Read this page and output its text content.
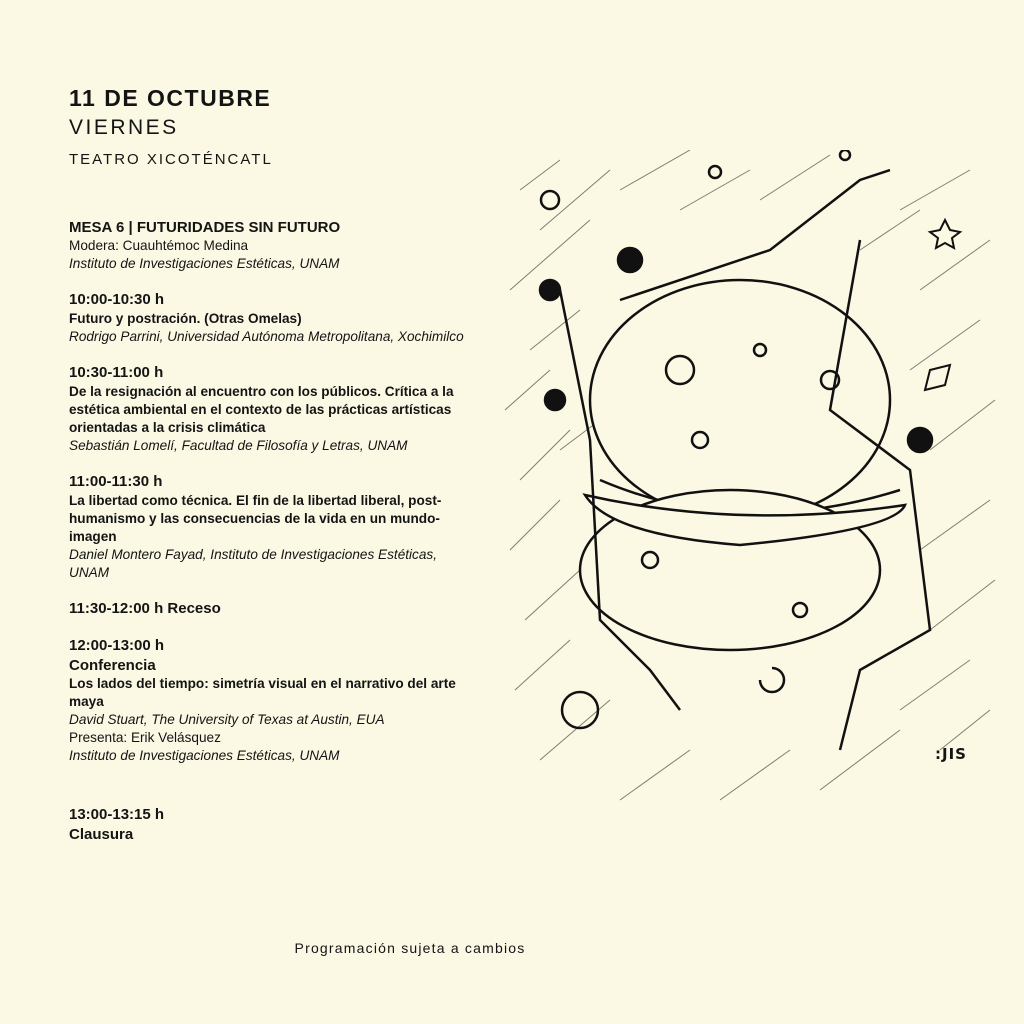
11 DE OCTUBRE
VIERNES
TEATRO XICOTÉNCATL
MESA 6 | FUTURIDADES SIN FUTURO
Modera: Cuauhtémoc Medina
Instituto de Investigaciones Estéticas, UNAM
10:00-10:30 h
Futuro y postración. (Otras Omelas)
Rodrigo Parrini, Universidad Autónoma Metropolitana, Xochimilco
10:30-11:00 h
De la resignación al encuentro con los públicos. Crítica a la estética ambiental en el contexto de las prácticas artísticas orientadas a la crisis climática
Sebastián Lomelí, Facultad de Filosofía y Letras, UNAM
11:00-11:30 h
La libertad como técnica. El fin de la libertad liberal, post-humanismo y las consecuencias de la vida en un mundo-imagen
Daniel Montero Fayad, Instituto de Investigaciones Estéticas, UNAM
11:30-12:00 h Receso
12:00-13:00 h
Conferencia
Los lados del tiempo: simetría visual en el narrativo del arte maya
David Stuart, The University of Texas at Austin, EUA
Presenta: Erik Velásquez
Instituto de Investigaciones Estéticas, UNAM
13:00-13:15 h
Clausura
Programación sujeta a cambios
:JIS
